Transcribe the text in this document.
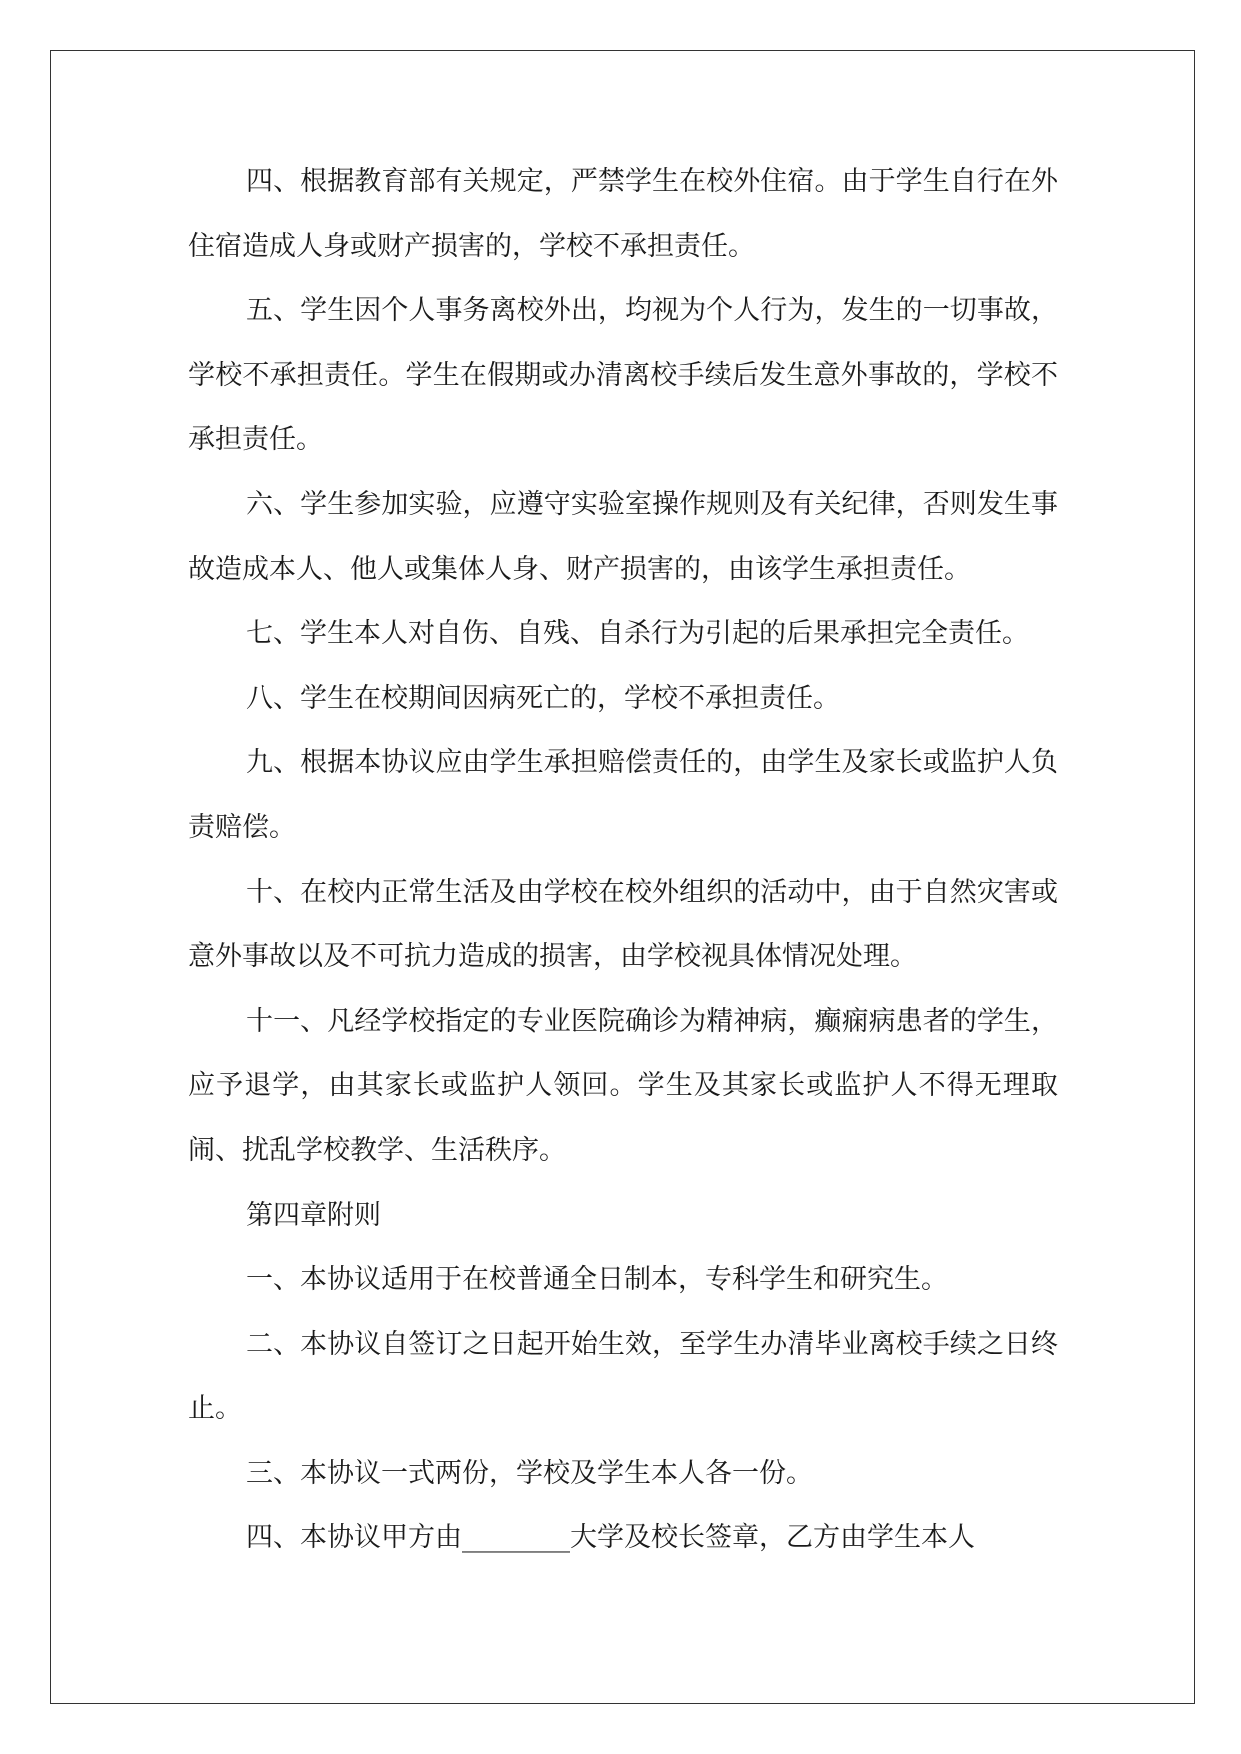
四、根据教育部有关规定，严禁学生在校外住宿。由于学生自行在外住宿造成人身或财产损害的，学校不承担责任。

五、学生因个人事务离校外出，均视为个人行为，发生的一切事故，学校不承担责任。学生在假期或办清离校手续后发生意外事故的，学校不承担责任。

六、学生参加实验，应遵守实验室操作规则及有关纪律，否则发生事故造成本人、他人或集体人身、财产损害的，由该学生承担责任。

七、学生本人对自伤、自残、自杀行为引起的后果承担完全责任。

八、学生在校期间因病死亡的，学校不承担责任。

九、根据本协议应由学生承担赔偿责任的，由学生及家长或监护人负责赔偿。

十、在校内正常生活及由学校在校外组织的活动中，由于自然灾害或意外事故以及不可抗力造成的损害，由学校视具体情况处理。

十一、凡经学校指定的专业医院确诊为精神病，癫痫病患者的学生，应予退学，由其家长或监护人领回。学生及其家长或监护人不得无理取闹、扰乱学校教学、生活秩序。

第四章附则

一、本协议适用于在校普通全日制本，专科学生和研究生。

二、本协议自签订之日起开始生效，至学生办清毕业离校手续之日终止。

三、本协议一式两份，学校及学生本人各一份。

四、本协议甲方由________大学及校长签章，乙方由学生本人
